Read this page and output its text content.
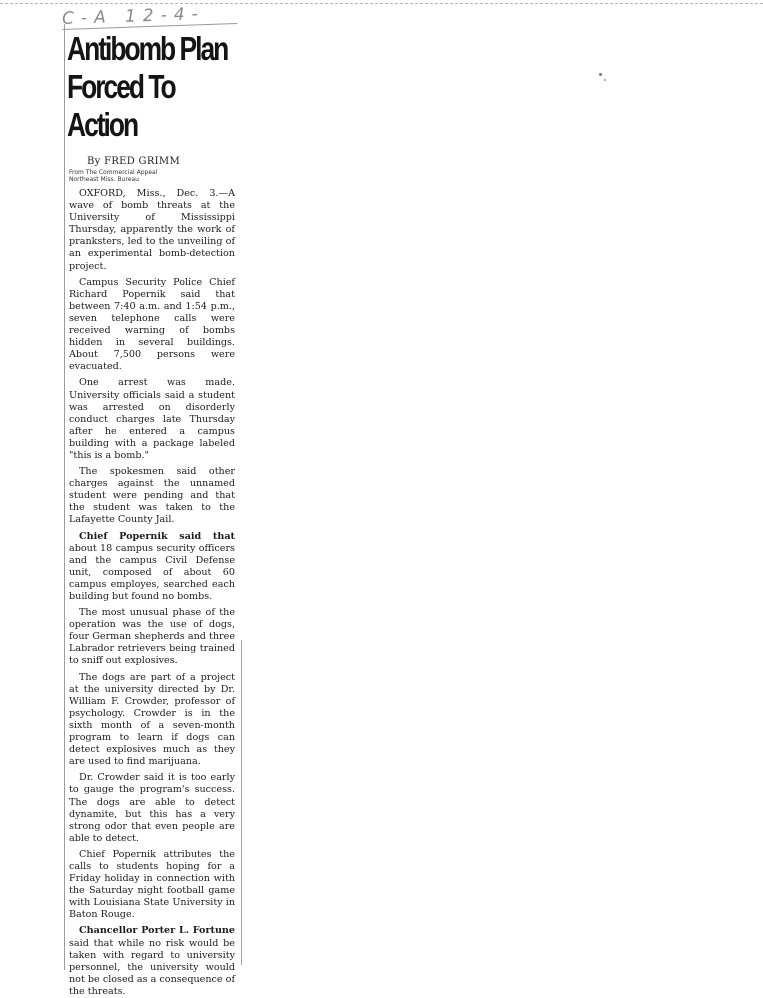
C-A 12-4-
Antibomb Plan
Forced To Action
By FRED GRIMM
From The Commercial Appeal
Northeast Miss. Bureau

OXFORD, Miss., Dec. 3.—A wave of bomb threats at the University of Mississippi Thursday, apparently the work of pranksters, led to the unveiling of an experimental bomb-detection project.

Campus Security Police Chief Richard Popernik said that between 7:40 a.m. and 1:54 p.m., seven telephone calls were received warning of bombs hidden in several buildings. About 7,500 persons were evacuated.

One arrest was made. University officials said a student was arrested on disorderly conduct charges late Thursday after he entered a campus building with a package labeled "this is a bomb."

The spokesmen said other charges against the unnamed student were pending and that the student was taken to the Lafayette County Jail.

Chief Popernik said that about 18 campus security officers and the campus Civil Defense unit, composed of about 60 campus employes, searched each building but found no bombs.

The most unusual phase of the operation was the use of dogs, four German shepherds and three Labrador retrievers being trained to sniff out explosives.

The dogs are part of a project at the university directed by Dr. William F. Crowder, professor of psychology. Crowder is in the sixth month of a seven-month program to learn if dogs can detect explosives much as they are used to find marijuana.

Dr. Crowder said it is too early to gauge the program's success. The dogs are able to detect dynamite, but this has a very strong odor that even people are able to detect.

Chief Popernik attributes the calls to students hoping for a Friday holiday in connection with the Saturday night football game with Louisiana State University in Baton Rouge.

Chancellor Porter L. Fortune said that while no risk would be taken with regard to university personnel, the university would not be closed as a consequence of the threats.
